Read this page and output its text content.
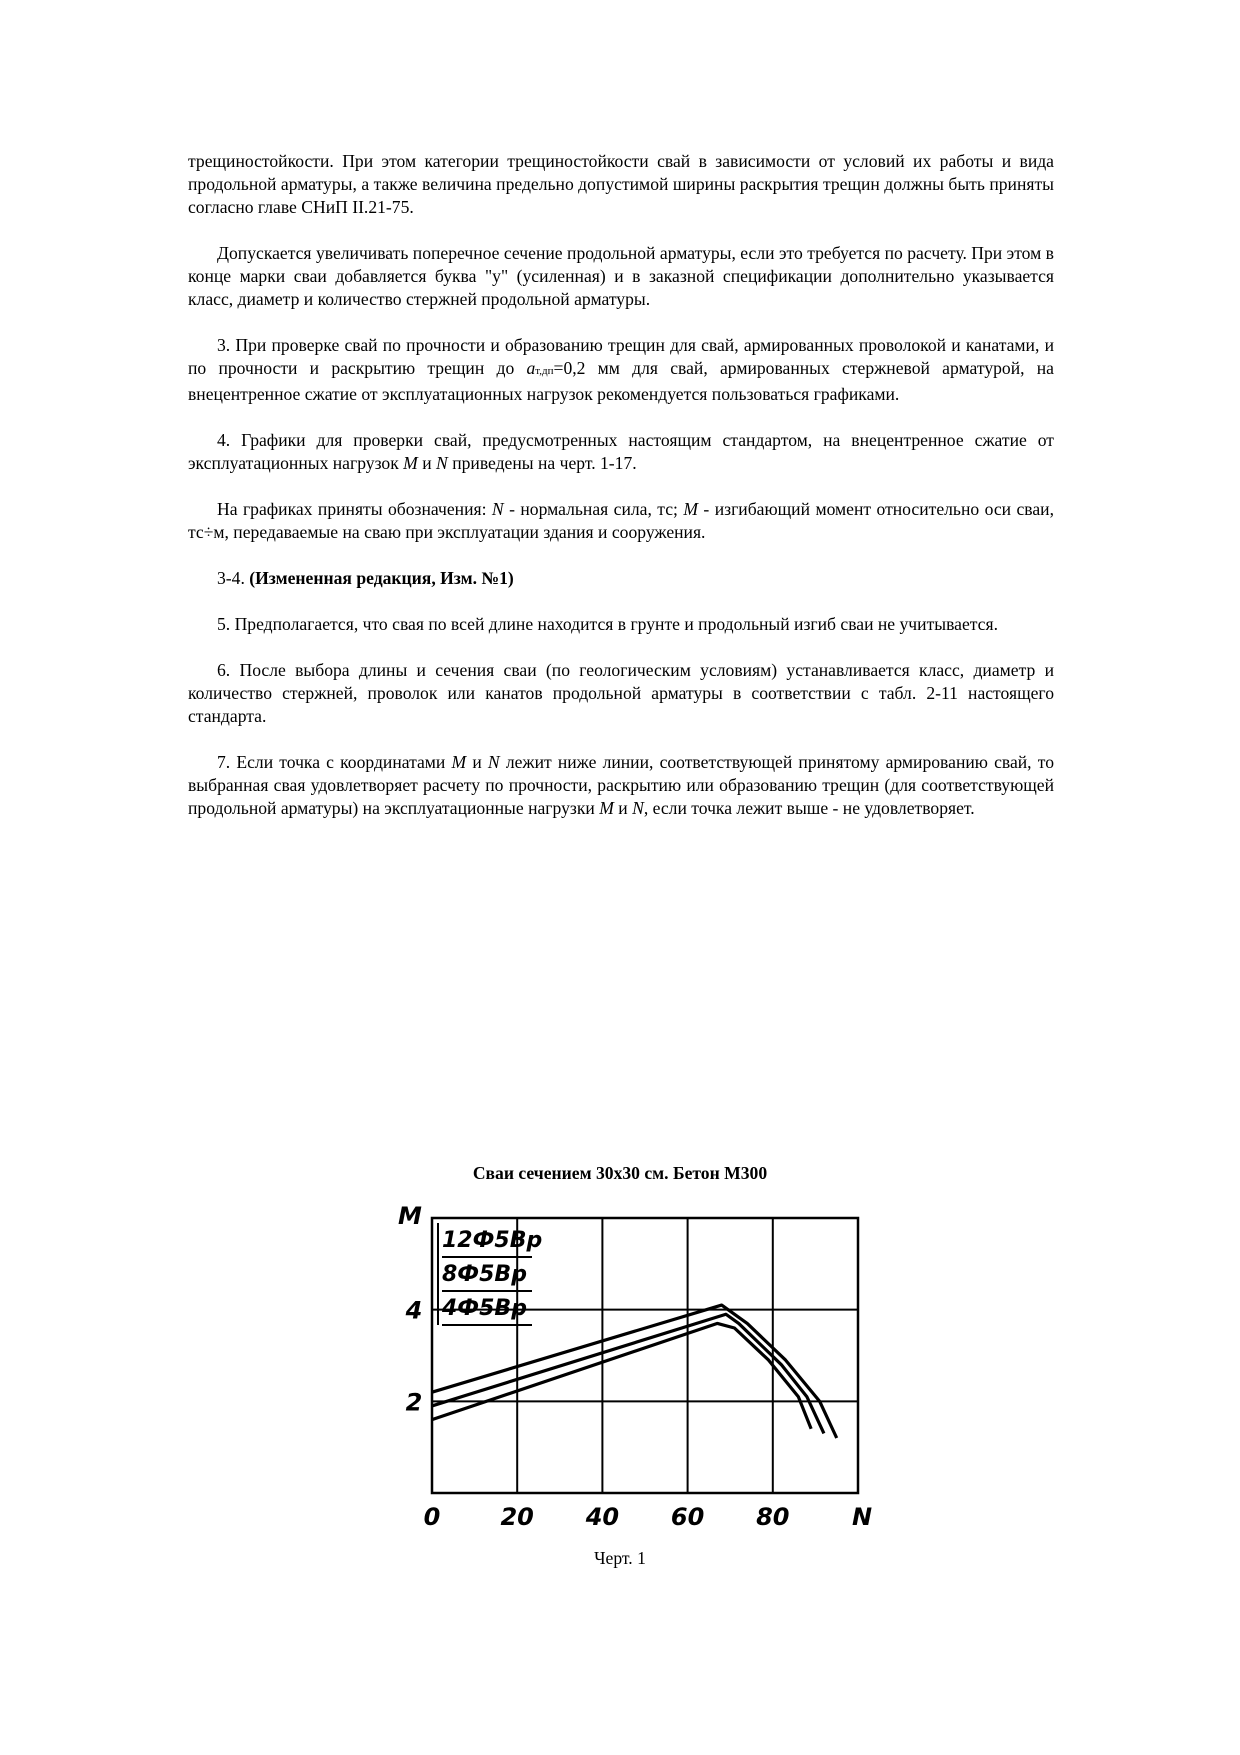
трещиностойкости. При этом категории трещиностойкости свай в зависимости от условий их работы и вида продольной арматуры, а также величина предельно допустимой ширины раскрытия трещин должны быть приняты согласно главе СНиП II.21-75.

Допускается увеличивать поперечное сечение продольной арматуры, если это требуется по расчету. При этом в конце марки сваи добавляется буква "у" (усиленная) и в заказной спецификации дополнительно указывается класс, диаметр и количество стержней продольной арматуры.

3. При проверке свай по прочности и образованию трещин для свай, армированных проволокой и канатами, и по прочности и раскрытию трещин до aт,дп=0,2 мм для свай, армированных стержневой арматурой, на внецентренное сжатие от эксплуатационных нагрузок рекомендуется пользоваться графиками.

4. Графики для проверки свай, предусмотренных настоящим стандартом, на внецентренное сжатие от эксплуатационных нагрузок M и N приведены на черт. 1-17.

На графиках приняты обозначения: N - нормальная сила, тс; M - изгибающий момент относительно оси сваи, тс÷м, передаваемые на сваю при эксплуатации здания и сооружения.

3-4. (Измененная редакция, Изм. №1)

5. Предполагается, что свая по всей длине находится в грунте и продольный изгиб сваи не учитывается.

6. После выбора длины и сечения сваи (по геологическим условиям) устанавливается класс, диаметр и количество стержней, проволок или канатов продольной арматуры в соответствии с табл. 2-11 настоящего стандарта.

7. Если точка с координатами M и N лежит ниже линии, соответствующей принятому армированию свай, то выбранная свая удовлетворяет расчету по прочности, раскрытию или образованию трещин (для соответствующей продольной арматуры) на эксплуатационные нагрузки M и N, если точка лежит выше - не удовлетворяет.

Сваи сечением 30x30 см. Бетон М300
0	20 40 60 80
2
4
N
M
12Ф5Вр
8Ф5Вр
4Ф5Вр
Черт. 1
